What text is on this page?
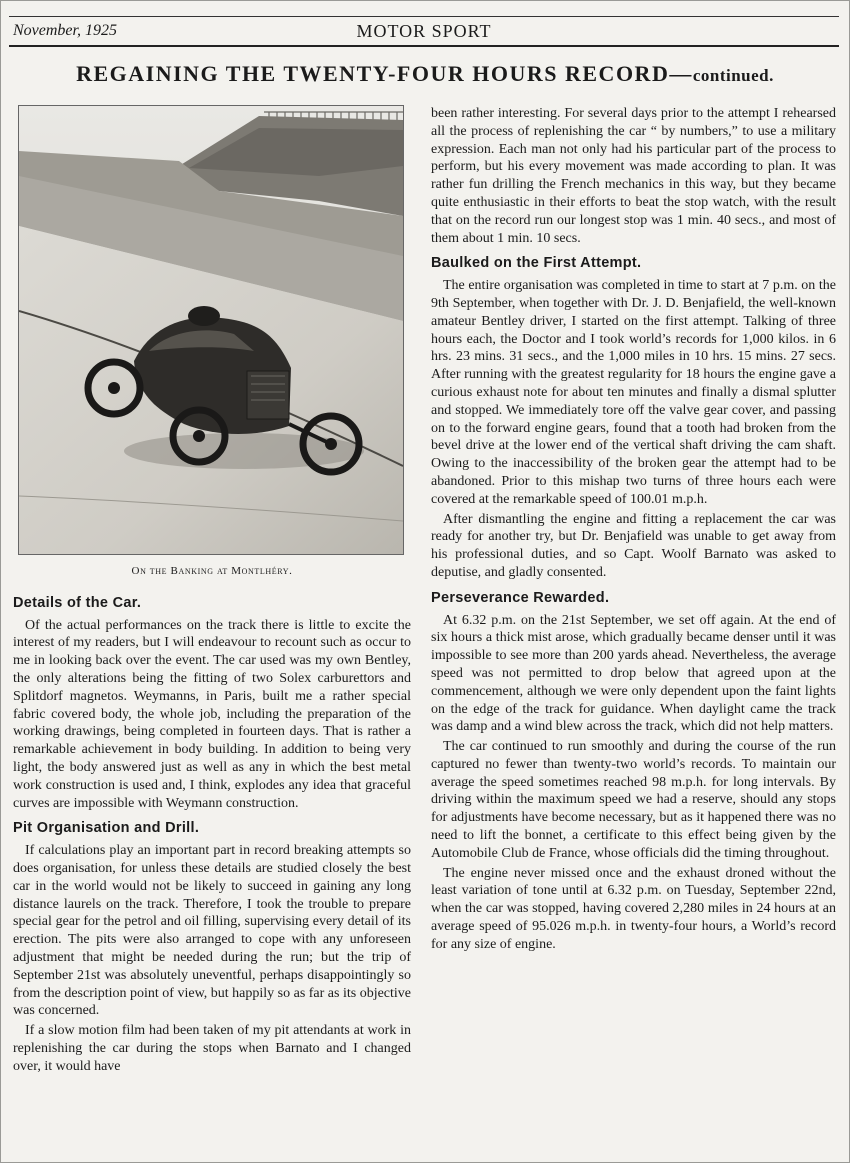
November, 1925	MOTOR SPORT
REGAINING THE TWENTY-FOUR HOURS RECORD—continued.
On the Banking at Montlhéry.
Details of the Car.

Of the actual performances on the track there is little to excite the interest of my readers, but I will endeavour to recount such as occur to me in looking back over the event. The car used was my own Bentley, the only alterations being the fitting of two Solex carburettors and Splitdorf magnetos. Weymanns, in Paris, built me a rather special fabric covered body, the whole job, including the preparation of the working drawings, being completed in fourteen days. That is rather a remarkable achievement in body building. In addition to being very light, the body answered just as well as any in which the best metal work construction is used and, I think, explodes any idea that graceful curves are impossible with Weymann construction.

Pit Organisation and Drill.

If calculations play an important part in record breaking attempts so does organisation, for unless these details are studied closely the best car in the world would not be likely to succeed in gaining any long distance laurels on the track. Therefore, I took the trouble to prepare special gear for the petrol and oil filling, supervising every detail of its erection. The pits were also arranged to cope with any unforeseen adjustment that might be needed during the run; but the trip of September 21st was absolutely uneventful, perhaps disappointingly so from the description point of view, but happily so as far as its objective was concerned.

If a slow motion film had been taken of my pit attendants at work in replenishing the car during the stops when Barnato and I changed over, it would have

been rather interesting. For several days prior to the attempt I rehearsed all the process of replenishing the car “ by numbers,” to use a military expression. Each man not only had his particular part of the process to perform, but his every movement was made according to plan. It was rather fun drilling the French mechanics in this way, but they became quite enthusiastic in their efforts to beat the stop watch, with the result that on the record run our longest stop was 1 min. 40 secs., and most of them about 1 min. 10 secs.

Baulked on the First Attempt.

The entire organisation was completed in time to start at 7 p.m. on the 9th September, when together with Dr. J. D. Benjafield, the well-known amateur Bentley driver, I started on the first attempt. Talking of three hours each, the Doctor and I took world’s records for 1,000 kilos. in 6 hrs. 23 mins. 31 secs., and the 1,000 miles in 10 hrs. 15 mins. 27 secs. After running with the greatest regularity for 18 hours the engine gave a curious exhaust note for about ten minutes and finally a dismal splutter and stopped. We immediately tore off the valve gear cover, and passing on to the forward engine gears, found that a tooth had broken from the bevel drive at the lower end of the vertical shaft driving the cam shaft. Owing to the inaccessibility of the broken gear the attempt had to be abandoned. Prior to this mishap two turns of three hours each were covered at the remarkable speed of 100.01 m.p.h.

After dismantling the engine and fitting a replacement the car was ready for another try, but Dr. Benjafield was unable to get away from his professional duties, and so Capt. Woolf Barnato was asked to deputise, and gladly consented.

Perseverance Rewarded.

At 6.32 p.m. on the 21st September, we set off again. At the end of six hours a thick mist arose, which gradually became denser until it was impossible to see more than 200 yards ahead. Nevertheless, the average speed was not permitted to drop below that agreed upon at the commencement, although we were only dependent upon the faint lights on the edge of the track for guidance. When daylight came the track was damp and a wind blew across the track, which did not help matters.

The car continued to run smoothly and during the course of the run captured no fewer than twenty-two world’s records. To maintain our average the speed sometimes reached 98 m.p.h. for long intervals. By driving within the maximum speed we had a reserve, should any stops for adjustments have become necessary, but as it happened there was no need to lift the bonnet, a certificate to this effect being given by the Automobile Club de France, whose officials did the timing throughout.

The engine never missed once and the exhaust droned without the least variation of tone until at 6.32 p.m. on Tuesday, September 22nd, when the car was stopped, having covered 2,280 miles in 24 hours at an average speed of 95.026 m.p.h. in twenty-four hours, a World’s record for any size of engine.
